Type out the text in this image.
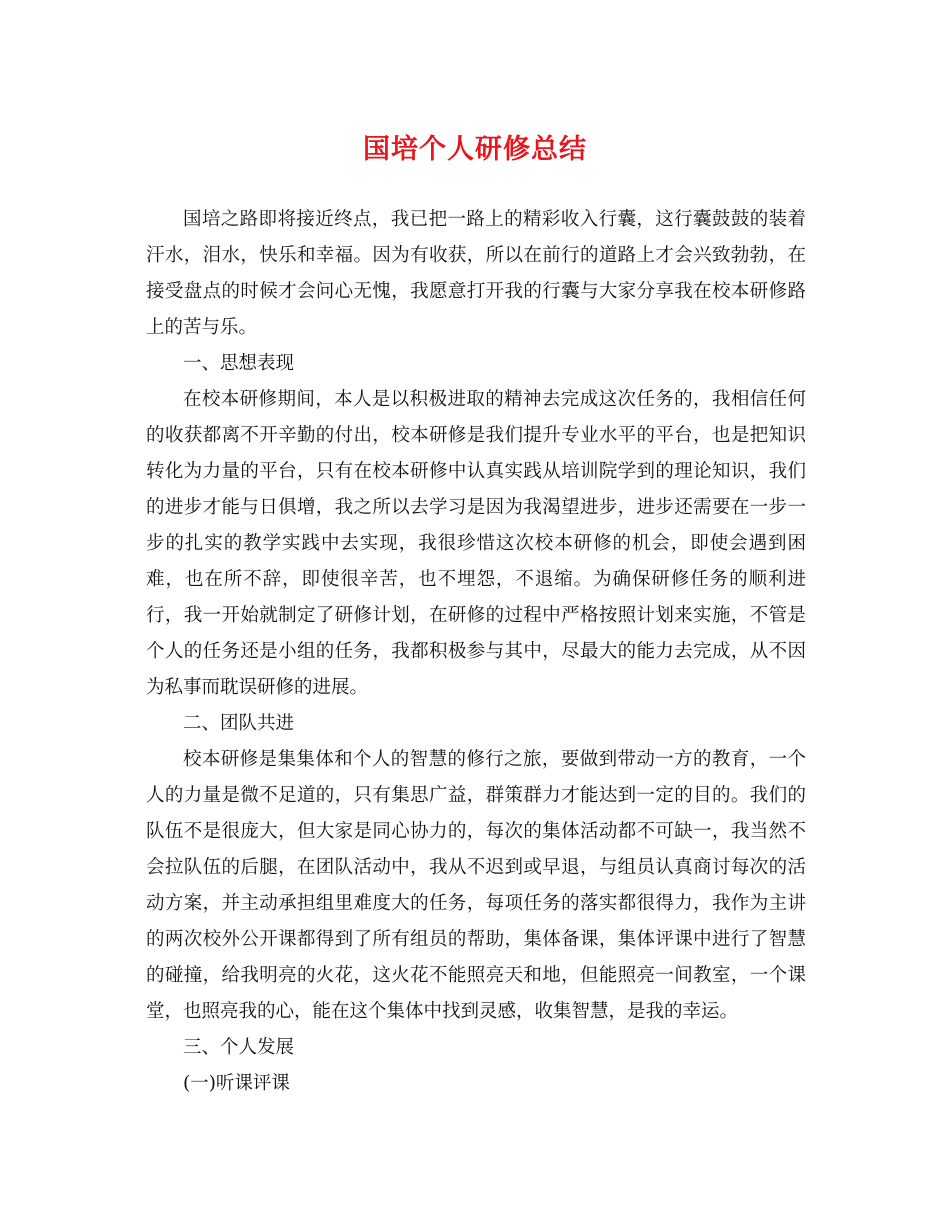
国培个人研修总结

国培之路即将接近终点，我已把一路上的精彩收入行囊，这行囊鼓鼓的装着汗水，泪水，快乐和幸福。因为有收获，所以在前行的道路上才会兴致勃勃，在接受盘点的时候才会问心无愧，我愿意打开我的行囊与大家分享我在校本研修路上的苦与乐。

一、思想表现

在校本研修期间，本人是以积极进取的精神去完成这次任务的，我相信任何的收获都离不开辛勤的付出，校本研修是我们提升专业水平的平台，也是把知识转化为力量的平台，只有在校本研修中认真实践从培训院学到的理论知识，我们的进步才能与日俱增，我之所以去学习是因为我渴望进步，进步还需要在一步一步的扎实的教学实践中去实现，我很珍惜这次校本研修的机会，即使会遇到困难，也在所不辞，即使很辛苦，也不埋怨，不退缩。为确保研修任务的顺利进行，我一开始就制定了研修计划，在研修的过程中严格按照计划来实施，不管是个人的任务还是小组的任务，我都积极参与其中，尽最大的能力去完成，从不因为私事而耽误研修的进展。

二、团队共进

校本研修是集集体和个人的智慧的修行之旅，要做到带动一方的教育，一个人的力量是微不足道的，只有集思广益，群策群力才能达到一定的目的。我们的队伍不是很庞大，但大家是同心协力的，每次的集体活动都不可缺一，我当然不会拉队伍的后腿，在团队活动中，我从不迟到或早退，与组员认真商讨每次的活动方案，并主动承担组里难度大的任务，每项任务的落实都很得力，我作为主讲的两次校外公开课都得到了所有组员的帮助，集体备课，集体评课中进行了智慧的碰撞，给我明亮的火花，这火花不能照亮天和地，但能照亮一间教室，一个课堂，也照亮我的心，能在这个集体中找到灵感，收集智慧，是我的幸运。

三、个人发展

(一)听课评课
